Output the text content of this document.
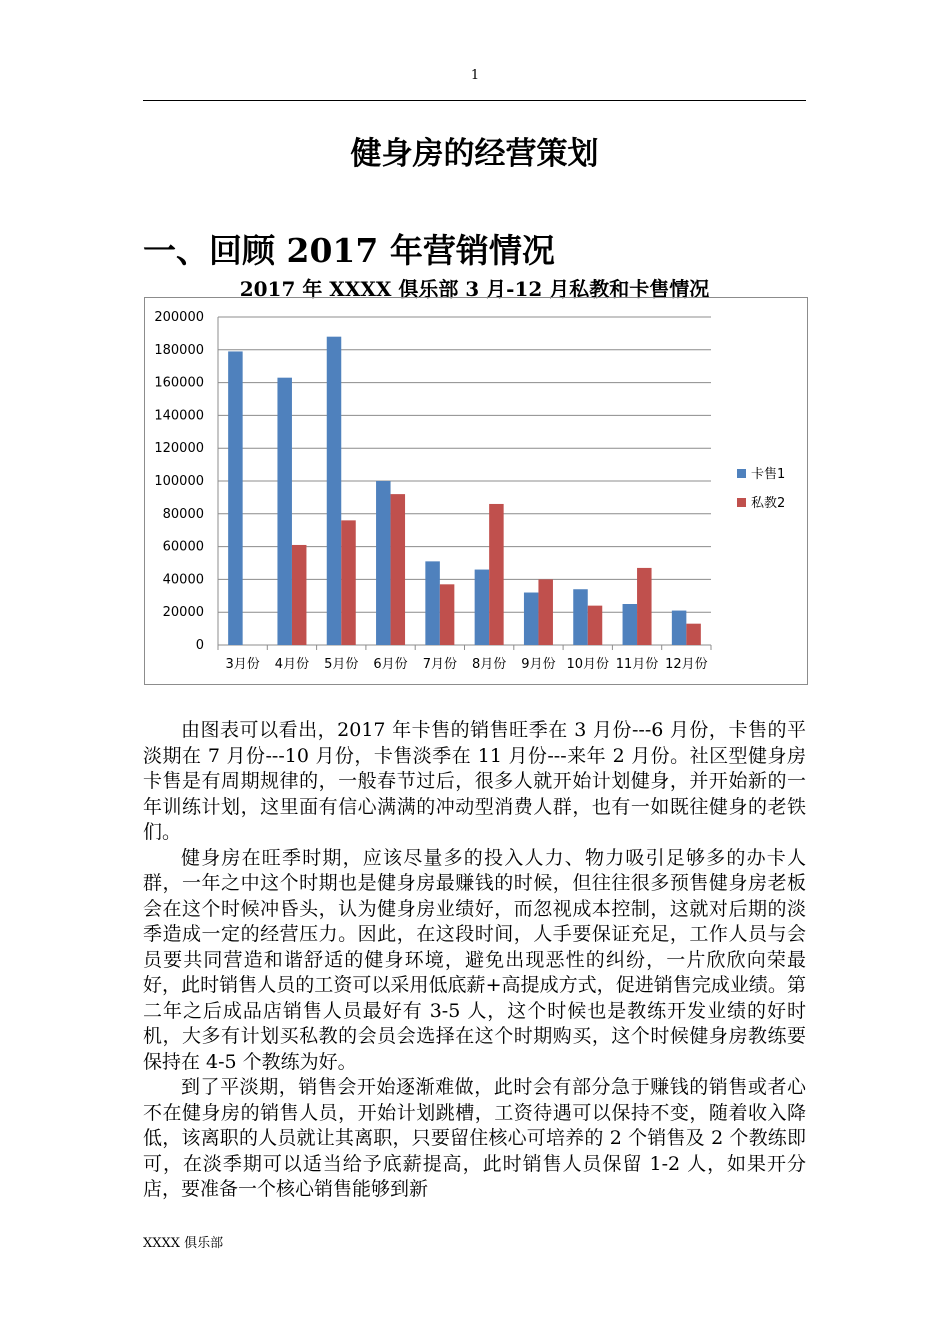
1
健身房的经营策划
一、回顾 2017 年营销情况
2017 年 XXXX 俱乐部 3 月-12 月私教和卡售情况
0
20000
40000
60000
80000
100000
120000
140000
160000
180000
200000
3月份 4月份 5月份 6月份 7月份 8月份 9月份 10月份 11月份 12月份
卡售1
私教2

由图表可以看出，2017 年卡售的销售旺季在 3 月份---6 月份，卡售的平淡期在 7 月份---10 月份，卡售淡季在 11 月份---来年 2 月份。社区型健身房卡售是有周期规律的，一般春节过后，很多人就开始计划健身，并开始新的一年训练计划，这里面有信心满满的冲动型消费人群，也有一如既往健身的老铁们。

健身房在旺季时期，应该尽量多的投入人力、物力吸引足够多的办卡人群，一年之中这个时期也是健身房最赚钱的时候，但往往很多预售健身房老板会在这个时候冲昏头，认为健身房业绩好，而忽视成本控制，这就对后期的淡季造成一定的经营压力。因此，在这段时间，人手要保证充足，工作人员与会员要共同营造和谐舒适的健身环境，避免出现恶性的纠纷，一片欣欣向荣最好，此时销售人员的工资可以采用低底薪+高提成方式，促进销售完成业绩。第二年之后成品店销售人员最好有 3-5 人，这个时候也是教练开发业绩的好时机，大多有计划买私教的会员会选择在这个时期购买，这个时候健身房教练要保持在 4-5 个教练为好。

到了平淡期，销售会开始逐渐难做，此时会有部分急于赚钱的销售或者心不在健身房的销售人员，开始计划跳槽，工资待遇可以保持不变，随着收入降低，该离职的人员就让其离职，只要留住核心可培养的 2 个销售及 2 个教练即可，在淡季期可以适当给予底薪提高，此时销售人员保留 1-2 人，如果开分店，要准备一个核心销售能够到新

XXXX 俱乐部
